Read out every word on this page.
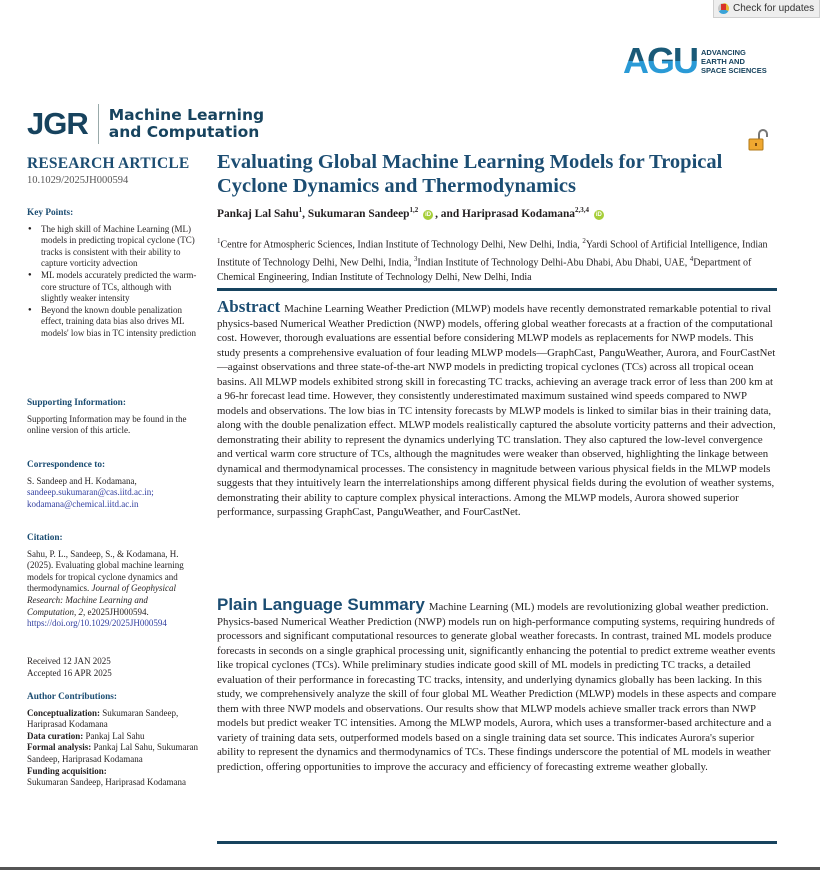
Check for updates
AGU ADVANCING
EARTH AND
SPACE SCIENCES
JGR Machine Learning
and Computation
RESEARCH ARTICLE
10.1029/2025JH000594
Key Points:
● The high skill of Machine Learning (ML) models in predicting tropical cyclone (TC) tracks is consistent with their ability to capture vorticity advection
● ML models accurately predicted the warm-core structure of TCs, although with slightly weaker intensity
● Beyond the known double penalization effect, training data bias also drives ML models' low bias in TC intensity prediction
Supporting Information:

Supporting Information may be found in the online version of this article.

Correspondence to:

S. Sandeep and H. Kodamana,

sandeep.sukumaran@cas.iitd.ac.in;

kodamana@chemical.iitd.ac.in

Citation:

Sahu, P. L., Sandeep, S., & Kodamana, H. (2025). Evaluating global machine learning models for tropical cyclone dynamics and thermodynamics. Journal of Geophysical Research: Machine Learning and Computation, 2, e2025JH000594.

https://doi.org/10.1029/2025JH000594

Received 12 JAN 2025

Accepted 16 APR 2025

Author Contributions:

Conceptualization: Sukumaran Sandeep, Hariprasad Kodamana

Data curation: Pankaj Lal Sahu

Formal analysis: Pankaj Lal Sahu, Sukumaran Sandeep, Hariprasad Kodamana

Funding acquisition:
Sukumaran Sandeep, Hariprasad Kodamana

Evaluating Global Machine Learning Models for Tropical Cyclone Dynamics and Thermodynamics
Pankaj Lal Sahu$^1$, Sukumaran Sandeep$^{1,2}$ iD , and Hariprasad Kodamana$^{2,3,4}$ iD
$^1$Centre for Atmospheric Sciences, Indian Institute of Technology Delhi, New Delhi, India, $^2$Yardi School of Artificial Intelligence, Indian Institute of Technology Delhi, New Delhi, India, $^3$Indian Institute of Technology Delhi-Abu Dhabi, Abu Dhabi, UAE, $^4$Department of Chemical Engineering, Indian Institute of Technology Delhi, New Delhi, India
Abstract Machine Learning Weather Prediction (MLWP) models have recently demonstrated remarkable potential to rival physics-based Numerical Weather Prediction (NWP) models, offering global weather forecasts at a fraction of the computational cost. However, thorough evaluations are essential before considering MLWP models as replacements for NWP models. This study presents a comprehensive evaluation of four leading MLWP models—GraphCast, PanguWeather, Aurora, and FourCastNet—against observations and three state-of-the-art NWP models in predicting tropical cyclones (TCs) across all tropical ocean basins. All MLWP models exhibited strong skill in forecasting TC tracks, achieving an average track error of less than 200 km at a 96-hr forecast lead time. However, they consistently underestimated maximum sustained wind speeds compared to NWP models and observations. The low bias in TC intensity forecasts by MLWP models is linked to similar bias in their training data, along with the double penalization effect. MLWP models realistically captured the absolute vorticity patterns and their advection, demonstrating their ability to represent the dynamics underlying TC translation. They also captured the low-level convergence and vertical warm core structure of TCs, although the magnitudes were weaker than observed, highlighting the linkage between dynamical and thermodynamical processes. The consistency in magnitude between various physical fields in the MLWP models suggests that they intuitively learn the interrelationships among different physical fields during the evolution of weather systems, demonstrating their ability to capture complex physical interactions. Among the MLWP models, Aurora showed superior performance, surpassing GraphCast, PanguWeather, and FourCastNet.
Plain Language Summary Machine Learning (ML) models are revolutionizing global weather prediction. Physics-based Numerical Weather Prediction (NWP) models run on high-performance computing systems, requiring hundreds of processors and significant computational resources to generate global weather forecasts. In contrast, trained ML models produce forecasts in seconds on a single graphical processing unit, significantly enhancing the potential to predict extreme weather events like tropical cyclones (TCs). While preliminary studies indicate good skill of ML models in predicting TC tracks, a detailed evaluation of their performance in forecasting TC tracks, intensity, and underlying dynamics globally has been lacking. In this study, we comprehensively analyze the skill of four global ML Weather Prediction (MLWP) models in these aspects and compare them with three NWP models and observations. Our results show that MLWP models achieve smaller track errors than NWP models but predict weaker TC intensities. Among the MLWP models, Aurora, which uses a transformer-based architecture and a variety of training data sets, outperformed models based on a single training data set source. This indicates Aurora's superior ability to represent the dynamics and thermodynamics of TCs. These findings underscore the potential of ML models in weather prediction, offering opportunities to improve the accuracy and efficiency of forecasting extreme weather globally.
